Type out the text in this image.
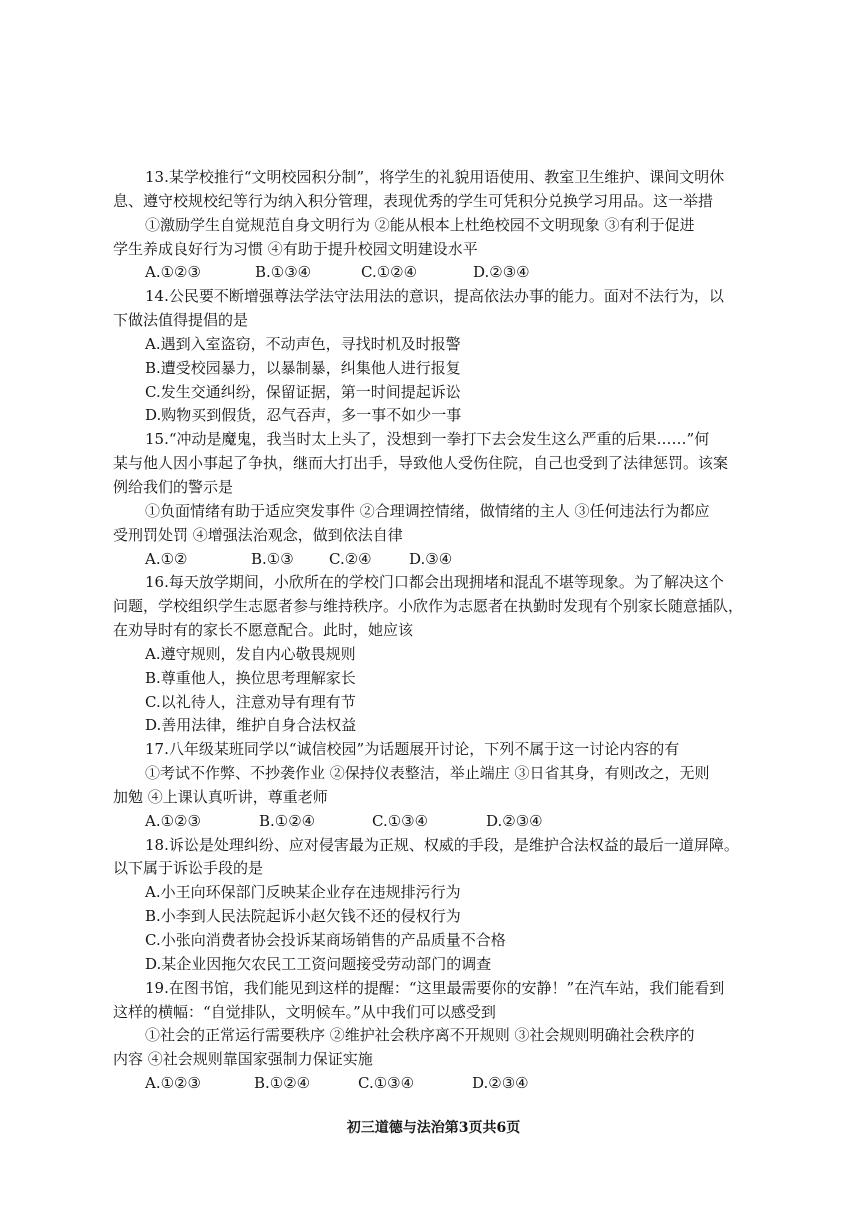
13.某学校推行“文明校园积分制”，将学生的礼貌用语使用、教室卫生维护、课间文明休
息、遵守校规校纪等行为纳入积分管理，表现优秀的学生可凭积分兑换学习用品。这一举措
①激励学生自觉规范自身文明行为 ②能从根本上杜绝校园不文明现象 ③有利于促进
学生养成良好行为习惯 ④有助于提升校园文明建设水平
A.①②③	B.①③④	C.①②④	D.②③④
14.公民要不断增强尊法学法守法用法的意识，提高依法办事的能力。面对不法行为，以
下做法值得提倡的是
A.遇到入室盗窃，不动声色，寻找时机及时报警
B.遭受校园暴力，以暴制暴，纠集他人进行报复
C.发生交通纠纷，保留证据，第一时间提起诉讼
D.购物买到假货，忍气吞声，多一事不如少一事
15.“冲动是魔鬼，我当时太上头了，没想到一拳打下去会发生这么严重的后果……”何
某与他人因小事起了争执，继而大打出手，导致他人受伤住院，自己也受到了法律惩罚。该案
例给我们的警示是
①负面情绪有助于适应突发事件 ②合理调控情绪，做情绪的主人 ③任何违法行为都应
受刑罚处罚 ④增强法治观念，做到依法自律
A.①②	B.①③ C.②④ D.③④
16.每天放学期间，小欣所在的学校门口都会出现拥堵和混乱不堪等现象。为了解决这个
问题，学校组织学生志愿者参与维持秩序。小欣作为志愿者在执勤时发现有个别家长随意插队，
在劝导时有的家长不愿意配合。此时，她应该
A.遵守规则，发自内心敬畏规则
B.尊重他人，换位思考理解家长
C.以礼待人，注意劝导有理有节
D.善用法律，维护自身合法权益
17.八年级某班同学以“诚信校园”为话题展开讨论，下列不属于这一讨论内容的有
①考试不作弊、不抄袭作业 ②保持仪表整洁，举止端庄 ③日省其身，有则改之，无则
加勉 ④上课认真听讲，尊重老师
A.①②③	B.①②④	C.①③④	D.②③④
18.诉讼是处理纠纷、应对侵害最为正规、权威的手段，是维护合法权益的最后一道屏障。
以下属于诉讼手段的是
A.小王向环保部门反映某企业存在违规排污行为
B.小李到人民法院起诉小赵欠钱不还的侵权行为
C.小张向消费者协会投诉某商场销售的产品质量不合格
D.某企业因拖欠农民工工资问题接受劳动部门的调查
19.在图书馆，我们能见到这样的提醒：“这里最需要你的安静！”在汽车站，我们能看到
这样的横幅：“自觉排队，文明候车。”从中我们可以感受到
①社会的正常运行需要秩序 ②维护社会秩序离不开规则 ③社会规则明确社会秩序的
内容 ④社会规则靠国家强制力保证实施
A.①②③	B.①②④	C.①③④	D.②③④
初三道德与法治第3页共6页
